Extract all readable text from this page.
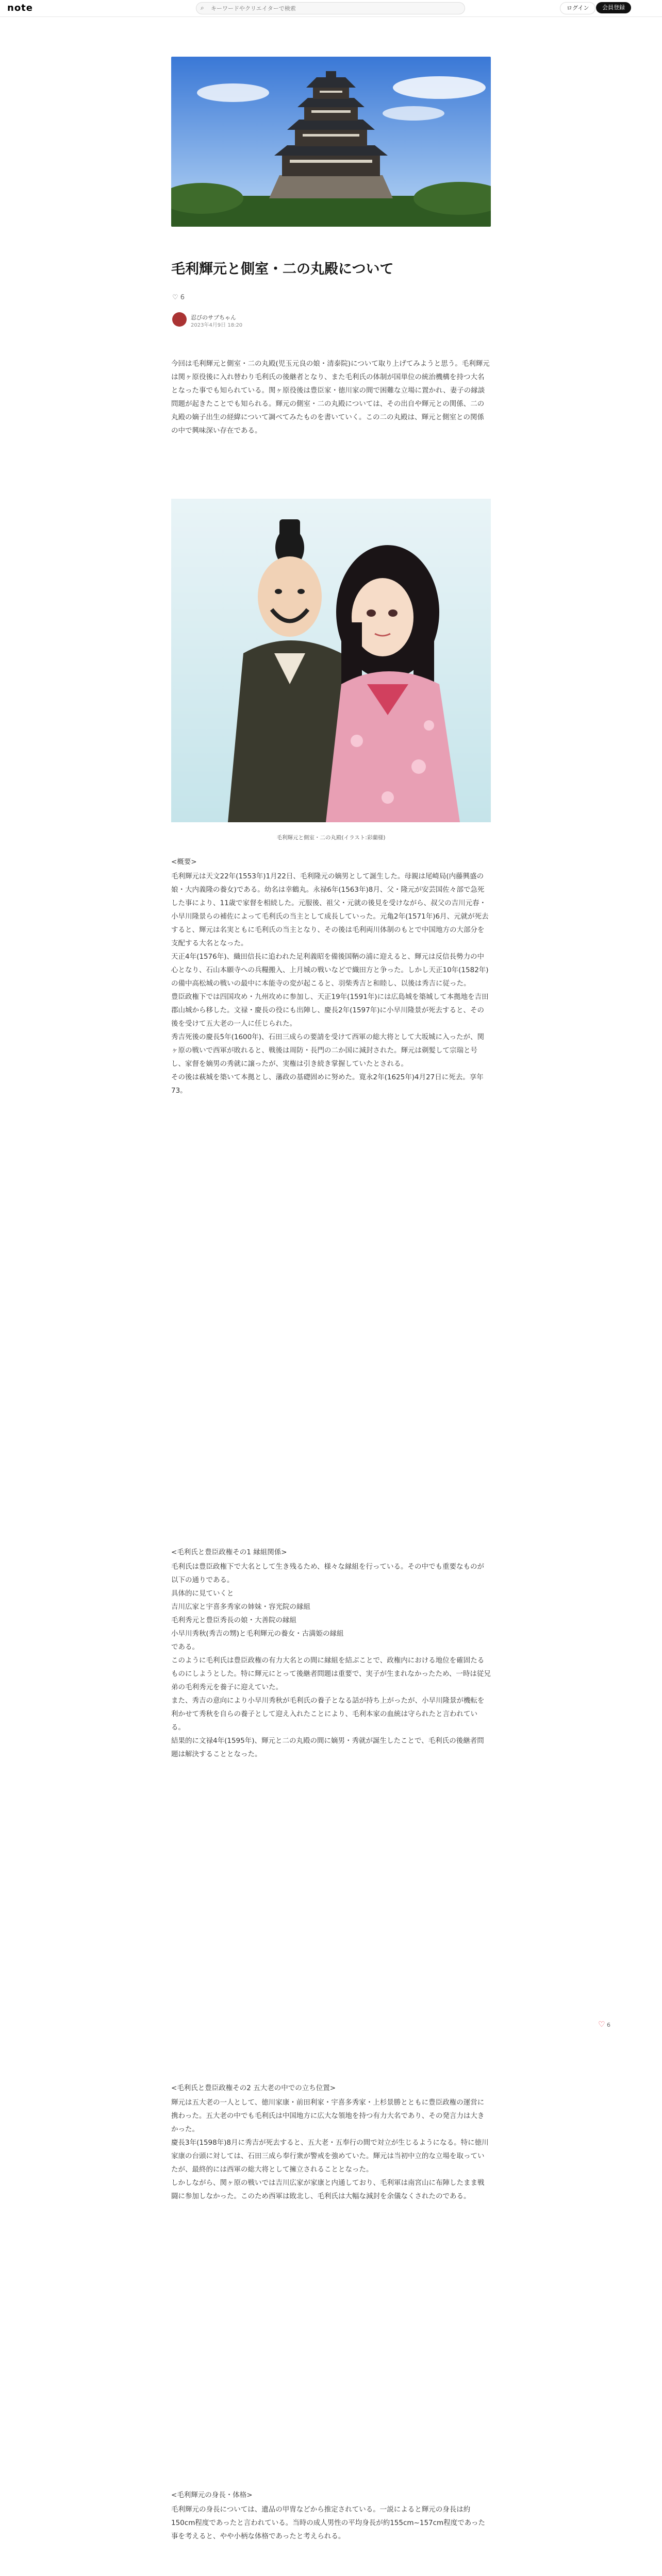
note	⌕
キーワードやクリエイターで検索	ログイン	会員登録
毛利輝元と側室・二の丸殿について
♡ 6
忍びのサブちゃん
2023年4月9日 18:20
今回は毛利輝元と側室・二の丸殿(児玉元良の娘・清泰院)について取り上げてみようと思う。毛利輝元は関ヶ原役後に入れ替わり毛利氏の後継者となり、また毛利氏の体制が国単位の統治機構を持つ大名となった事でも知られている。関ヶ原役後は豊臣家・徳川家の間で困難な立場に置かれ、妻子の縁談問題が起きたことでも知られる。輝元の側室・二の丸殿については、その出自や輝元との関係、二の丸殿の嫡子出生の経緯について調べてみたものを書いていく。この二の丸殿は、輝元と側室との関係の中で興味深い存在である。
毛利輝元と側室・二の丸殿(イラスト:彩蘭様)

<概要>

毛利輝元は天文22年(1553年)1月22日、毛利隆元の嫡男として誕生した。母親は尾崎局(内藤興盛の娘・大内義隆の養女)である。幼名は幸鶴丸。永禄6年(1563年)8月、父・隆元が安芸国佐々部で急死した事により、11歳で家督を相続した。元服後、祖父・元就の後見を受けながら、叔父の吉川元春・小早川隆景らの補佐によって毛利氏の当主として成長していった。元亀2年(1571年)6月、元就が死去すると、輝元は名実ともに毛利氏の当主となり、その後は毛利両川体制のもとで中国地方の大部分を支配する大名となった。

天正4年(1576年)、織田信長に追われた足利義昭を備後国鞆の浦に迎えると、輝元は反信長勢力の中心となり、石山本願寺への兵糧搬入、上月城の戦いなどで織田方と争った。しかし天正10年(1582年)の備中高松城の戦いの最中に本能寺の変が起こると、羽柴秀吉と和睦し、以後は秀吉に従った。

豊臣政権下では四国攻め・九州攻めに参加し、天正19年(1591年)には広島城を築城して本拠地を吉田郡山城から移した。文禄・慶長の役にも出陣し、慶長2年(1597年)に小早川隆景が死去すると、その後を受けて五大老の一人に任じられた。

秀吉死後の慶長5年(1600年)、石田三成らの要請を受けて西軍の総大将として大坂城に入ったが、関ヶ原の戦いで西軍が敗れると、戦後は周防・長門の二か国に減封された。輝元は剃髪して宗瑞と号し、家督を嫡男の秀就に譲ったが、実権は引き続き掌握していたとされる。

その後は萩城を築いて本拠とし、藩政の基礎固めに努めた。寛永2年(1625年)4月27日に死去。享年73。

<毛利氏と豊臣政権その1 縁組関係>

毛利氏は豊臣政権下で大名として生き残るため、様々な縁組を行っている。その中でも重要なものが以下の通りである。

具体的に見ていくと

吉川広家と宇喜多秀家の姉妹・容光院の縁組

毛利秀元と豊臣秀長の娘・大善院の縁組

小早川秀秋(秀吉の甥)と毛利輝元の養女・古満姫の縁組

である。

このように毛利氏は豊臣政権の有力大名との間に縁組を結ぶことで、政権内における地位を確固たるものにしようとした。特に輝元にとって後継者問題は重要で、実子が生まれなかったため、一時は従兄弟の毛利秀元を養子に迎えていた。

また、秀吉の意向により小早川秀秋が毛利氏の養子となる話が持ち上がったが、小早川隆景が機転を利かせて秀秋を自らの養子として迎え入れたことにより、毛利本家の血統は守られたと言われている。

結果的に文禄4年(1595年)、輝元と二の丸殿の間に嫡男・秀就が誕生したことで、毛利氏の後継者問題は解決することとなった。

♡ 6

<毛利氏と豊臣政権その2 五大老の中での立ち位置>

輝元は五大老の一人として、徳川家康・前田利家・宇喜多秀家・上杉景勝とともに豊臣政権の運営に携わった。五大老の中でも毛利氏は中国地方に広大な領地を持つ有力大名であり、その発言力は大きかった。

慶長3年(1598年)8月に秀吉が死去すると、五大老・五奉行の間で対立が生じるようになる。特に徳川家康の台頭に対しては、石田三成ら奉行衆が警戒を強めていた。輝元は当初中立的な立場を取っていたが、最終的には西軍の総大将として擁立されることとなった。

しかしながら、関ヶ原の戦いでは吉川広家が家康と内通しており、毛利軍は南宮山に布陣したまま戦闘に参加しなかった。このため西軍は敗北し、毛利氏は大幅な減封を余儀なくされたのである。

<毛利輝元の身長・体格>

毛利輝元の身長については、遺品の甲冑などから推定されている。一説によると輝元の身長は約150cm程度であったと言われている。当時の成人男性の平均身長が約155cm~157cm程度であった事を考えると、やや小柄な体格であったと考えられる。
